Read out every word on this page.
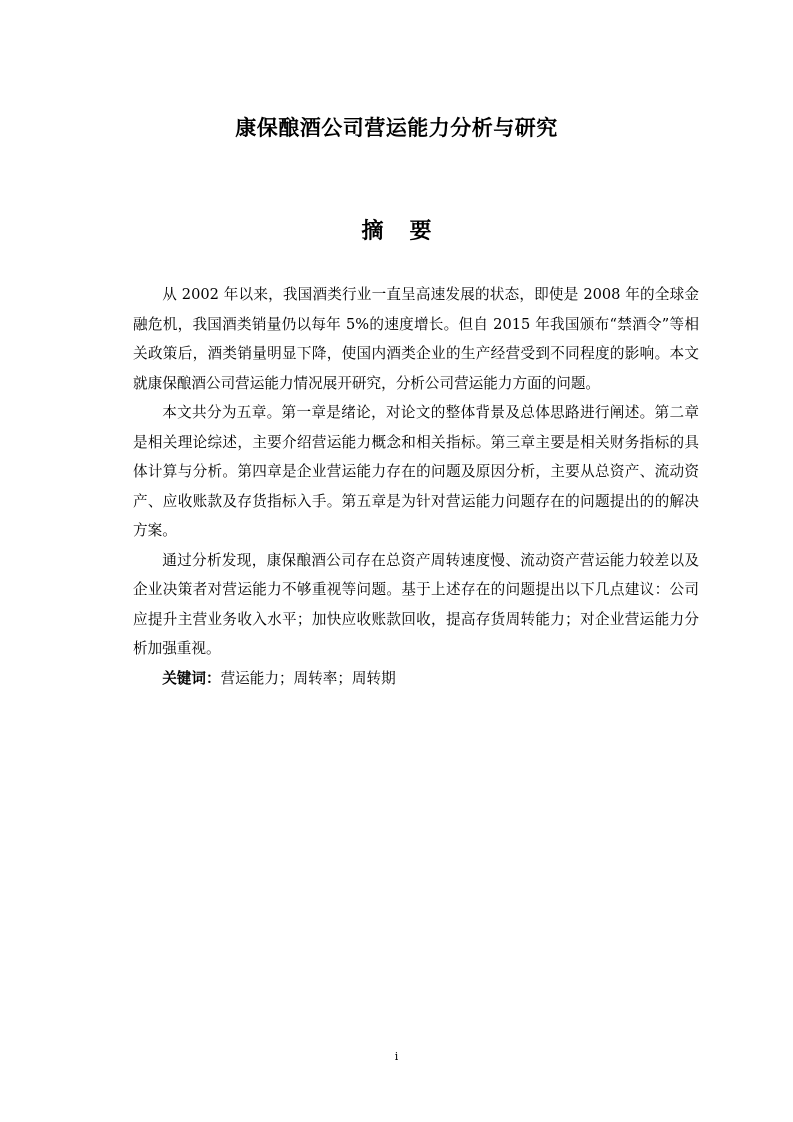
康保酿酒公司营运能力分析与研究
摘 要

从 2002 年以来，我国酒类行业一直呈高速发展的状态，即使是 2008 年的全球金融危机，我国酒类销量仍以每年 5%的速度增长。但自 2015 年我国颁布“禁酒令”等相关政策后，酒类销量明显下降，使国内酒类企业的生产经营受到不同程度的影响。本文就康保酿酒公司营运能力情况展开研究，分析公司营运能力方面的问题。

本文共分为五章。第一章是绪论，对论文的整体背景及总体思路进行阐述。第二章是相关理论综述，主要介绍营运能力概念和相关指标。第三章主要是相关财务指标的具体计算与分析。第四章是企业营运能力存在的问题及原因分析，主要从总资产、流动资产、应收账款及存货指标入手。第五章是为针对营运能力问题存在的问题提出的的解决方案。

通过分析发现，康保酿酒公司存在总资产周转速度慢、流动资产营运能力较差以及企业决策者对营运能力不够重视等问题。基于上述存在的问题提出以下几点建议：公司应提升主营业务收入水平；加快应收账款回收，提高存货周转能力；对企业营运能力分析加强重视。

关键词：营运能力；周转率；周转期

i
